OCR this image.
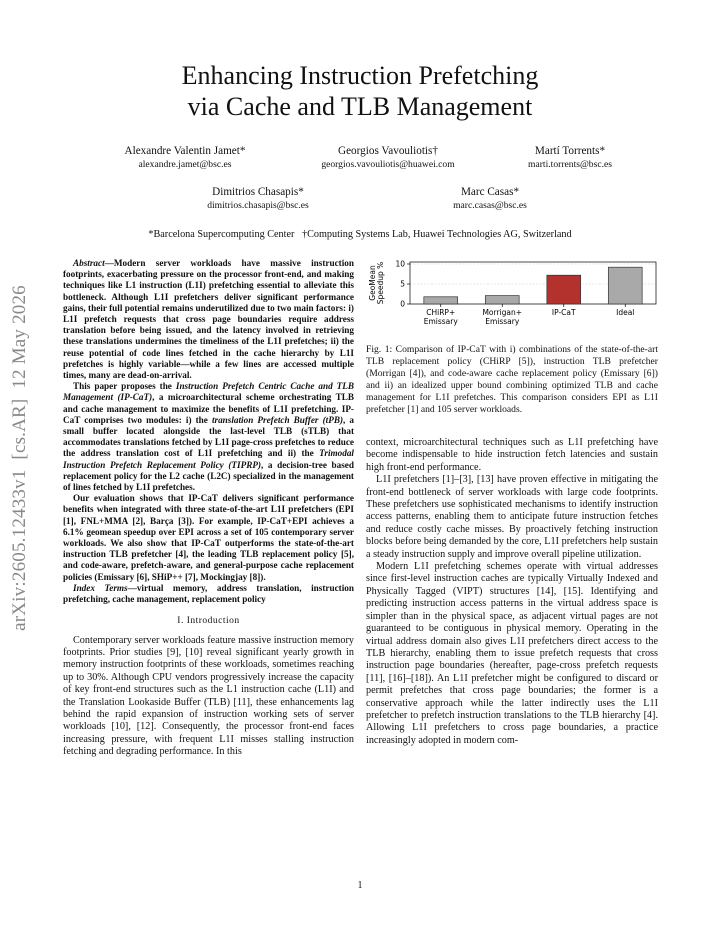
Enhancing Instruction Prefetching
via Cache and TLB Management
Alexandre Valentin Jamet*
alexandre.jamet@bsc.es
Georgios Vavouliotis†
georgios.vavouliotis@huawei.com
Martí Torrents*
marti.torrents@bsc.es
Dimitrios Chasapis*
dimitrios.chasapis@bsc.es
Marc Casas*
marc.casas@bsc.es
*Barcelona Supercomputing Center   †Computing Systems Lab, Huawei Technologies AG, Switzerland
arXiv:2605.12433v1  [cs.AR]  12 May 2026

Abstract—Modern server workloads have massive instruction footprints, exacerbating pressure on the processor front-end, and making techniques like L1 instruction (L1I) prefetching essential to alleviate this bottleneck. Although L1I prefetchers deliver significant performance gains, their full potential remains underutilized due to two main factors: i) L1I prefetch requests that cross page boundaries require address translation before being issued, and the latency involved in retrieving these translations undermines the timeliness of the L1I prefetches; ii) the reuse potential of code lines fetched in the cache hierarchy by L1I prefetches is highly variable—while a few lines are accessed multiple times, many are dead-on-arrival.

This paper proposes the Instruction Prefetch Centric Cache and TLB Management (IP-CaT), a microarchitectural scheme orchestrating TLB and cache management to maximize the benefits of L1I prefetching. IP-CaT comprises two modules: i) the translation Prefetch Buffer (tPB), a small buffer located alongside the last-level TLB (sTLB) that accommodates translations fetched by L1I page-cross prefetches to reduce the address translation cost of L1I prefetching and ii) the Trimodal Instruction Prefetch Replacement Policy (TIPRP), a decision-tree based replacement policy for the L2 cache (L2C) specialized in the management of lines fetched by L1I prefetches.

Our evaluation shows that IP-CaT delivers significant performance benefits when integrated with three state-of-the-art L1I prefetchers (EPI [1], FNL+MMA [2], Barça [3]). For example, IP-CaT+EPI achieves a 6.1% geomean speedup over EPI across a set of 105 contemporary server workloads. We also show that IP-CaT outperforms the state-of-the-art instruction TLB prefetcher [4], the leading TLB replacement policy [5], and code-aware, prefetch-aware, and general-purpose cache replacement policies (Emissary [6], SHiP++ [7], Mockingjay [8]).

Index Terms—virtual memory, address translation, instruction prefetching, cache management, replacement policy

I. Introduction

Contemporary server workloads feature massive instruction memory footprints. Prior studies [9], [10] reveal significant yearly growth in memory instruction footprints of these workloads, sometimes reaching up to 30%. Although CPU vendors progressively increase the capacity of key front-end structures such as the L1 instruction cache (L1I) and the Translation Lookaside Buffer (TLB) [11], these enhancements lag behind the rapid expansion of instruction working sets of server workloads [10], [12]. Consequently, the processor front-end faces increasing pressure, with frequent L1I misses stalling instruction fetching and degrading performance. In this

GeoMean Speedup % 0
5
10
CHiRP+
Emissary
Morrigan+
Emissary
IP-CaT	Ideal
Fig. 1: Comparison of IP-CaT with i) combinations of the state-of-the-art TLB replacement policy (CHiRP [5]), instruction TLB prefetcher (Morrigan [4]), and code-aware cache replacement policy (Emissary [6]) and ii) an idealized upper bound combining optimized TLB and cache management for L1I prefetches. This comparison considers EPI as L1I prefetcher [1] and 105 server workloads.

context, microarchitectural techniques such as L1I prefetching have become indispensable to hide instruction fetch latencies and sustain high front-end performance.

L1I prefetchers [1]–[3], [13] have proven effective in mitigating the front-end bottleneck of server workloads with large code footprints. These prefetchers use sophisticated mechanisms to identify instruction access patterns, enabling them to anticipate future instruction fetches and reduce costly cache misses. By proactively fetching instruction blocks before being demanded by the core, L1I prefetchers help sustain a steady instruction supply and improve overall pipeline utilization.

Modern L1I prefetching schemes operate with virtual addresses since first-level instruction caches are typically Virtually Indexed and Physically Tagged (VIPT) structures [14], [15]. Identifying and predicting instruction access patterns in the virtual address space is simpler than in the physical space, as adjacent virtual pages are not guaranteed to be contiguous in physical memory. Operating in the virtual address domain also gives L1I prefetchers direct access to the TLB hierarchy, enabling them to issue prefetch requests that cross instruction page boundaries (hereafter, page-cross prefetch requests [11], [16]–[18]). An L1I prefetcher might be configured to discard or permit prefetches that cross page boundaries; the former is a conservative approach while the latter indirectly uses the L1I prefetcher to prefetch instruction translations to the TLB hierarchy [4]. Allowing L1I prefetchers to cross page boundaries, a practice increasingly adopted in modern com-

1
